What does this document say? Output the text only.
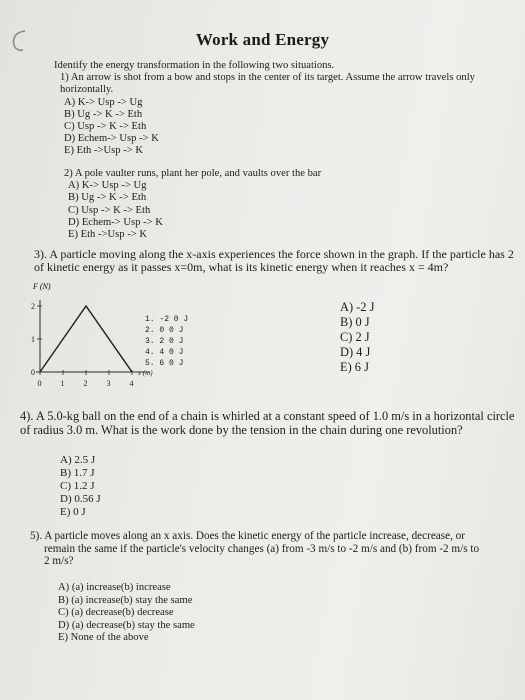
Work and Energy
Identify the energy transformation in the following two situations.
1) An arrow is shot from a bow and stops in the center of its target. Assume the arrow travels only
horizontally.
A) K-> Usp -> Ug
B) Ug -> K -> Eth
C) Usp -> K -> Eth
D) Echem-> Usp -> K
E) Eth ->Usp -> K
2) A pole vaulter runs, plant her pole, and vaults over the bar
A) K-> Usp -> Ug
B) Ug -> K -> Eth
C) Usp -> K -> Eth
D) Echem-> Usp -> K
E) Eth ->Usp -> K
3). A particle moving along the x-axis experiences the force shown in the graph. If the particle has 2
of kinetic energy as it passes x=0m, what is its kinetic energy when it reaches x = 4m?
F (N)
0
1
2
0 1 2 3 4
x (m)
1. -2 0 J
2. 0 0 J
3. 2 0 J
4. 4 0 J
5. 6 0 J
A) -2 J
B) 0 J
C) 2 J
D) 4 J
E) 6 J
4). A 5.0-kg ball on the end of a chain is whirled at a constant speed of 1.0 m/s in a horizontal circle
of radius 3.0 m. What is the work done by the tension in the chain during one revolution?
A) 2.5 J
B) 1.7 J
C) 1.2 J
D) 0.56 J
E) 0 J
5). A particle moves along an x axis. Does the kinetic energy of the particle increase, decrease, or
remain the same if the particle's velocity changes (a) from -3 m/s to -2 m/s and (b) from -2 m/s to
2 m/s?
A) (a) increase(b) increase
B) (a) increase(b) stay the same
C) (a) decrease(b) decrease
D) (a) decrease(b) stay the same
E) None of the above
